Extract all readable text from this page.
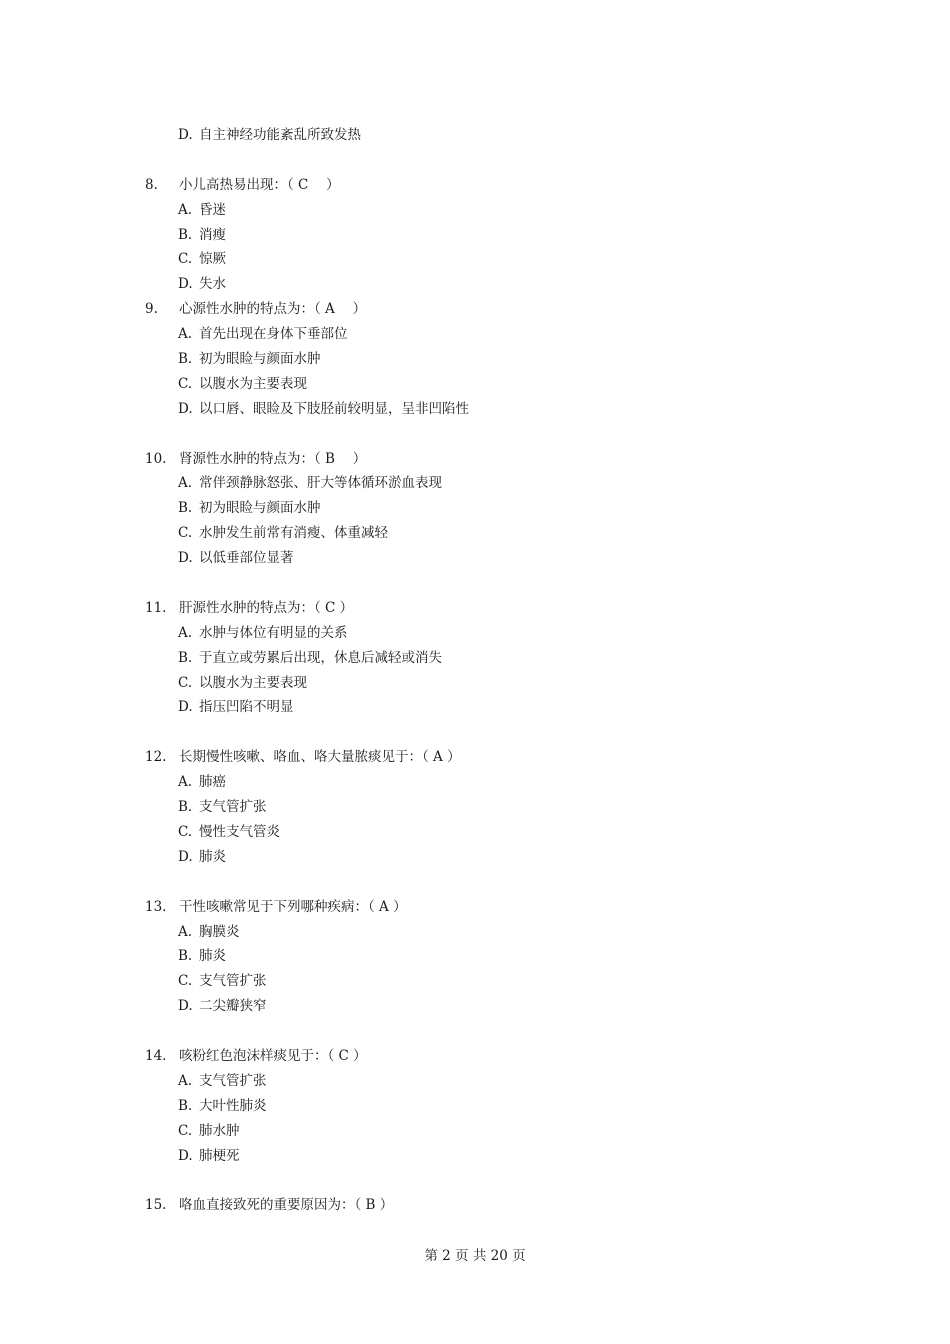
D. 自主神经功能紊乱所致发热
8. 小儿高热易出现：（ C　 ）
A. 昏迷
B. 消瘦
C. 惊厥
D. 失水
9. 心源性水肿的特点为：（ A　 ）
A. 首先出现在身体下垂部位
B. 初为眼睑与颜面水肿
C. 以腹水为主要表现
D. 以口唇、眼睑及下肢胫前较明显，呈非凹陷性
10. 肾源性水肿的特点为：（ B　 ）
A. 常伴颈静脉怒张、肝大等体循环淤血表现
B. 初为眼睑与颜面水肿
C. 水肿发生前常有消瘦、体重减轻
D. 以低垂部位显著
11. 肝源性水肿的特点为：（ C ）
A. 水肿与体位有明显的关系
B. 于直立或劳累后出现，休息后减轻或消失
C. 以腹水为主要表现
D. 指压凹陷不明显
12. 长期慢性咳嗽、咯血、咯大量脓痰见于：（ A ）
A. 肺癌
B. 支气管扩张
C. 慢性支气管炎
D. 肺炎
13. 干性咳嗽常见于下列哪种疾病：（ A ）
A. 胸膜炎
B. 肺炎
C. 支气管扩张
D. 二尖瓣狭窄
14. 咳粉红色泡沫样痰见于：（ C ）
A. 支气管扩张
B. 大叶性肺炎
C. 肺水肿
D. 肺梗死
15. 咯血直接致死的重要原因为：（ B ）
第 2 页 共 20 页
